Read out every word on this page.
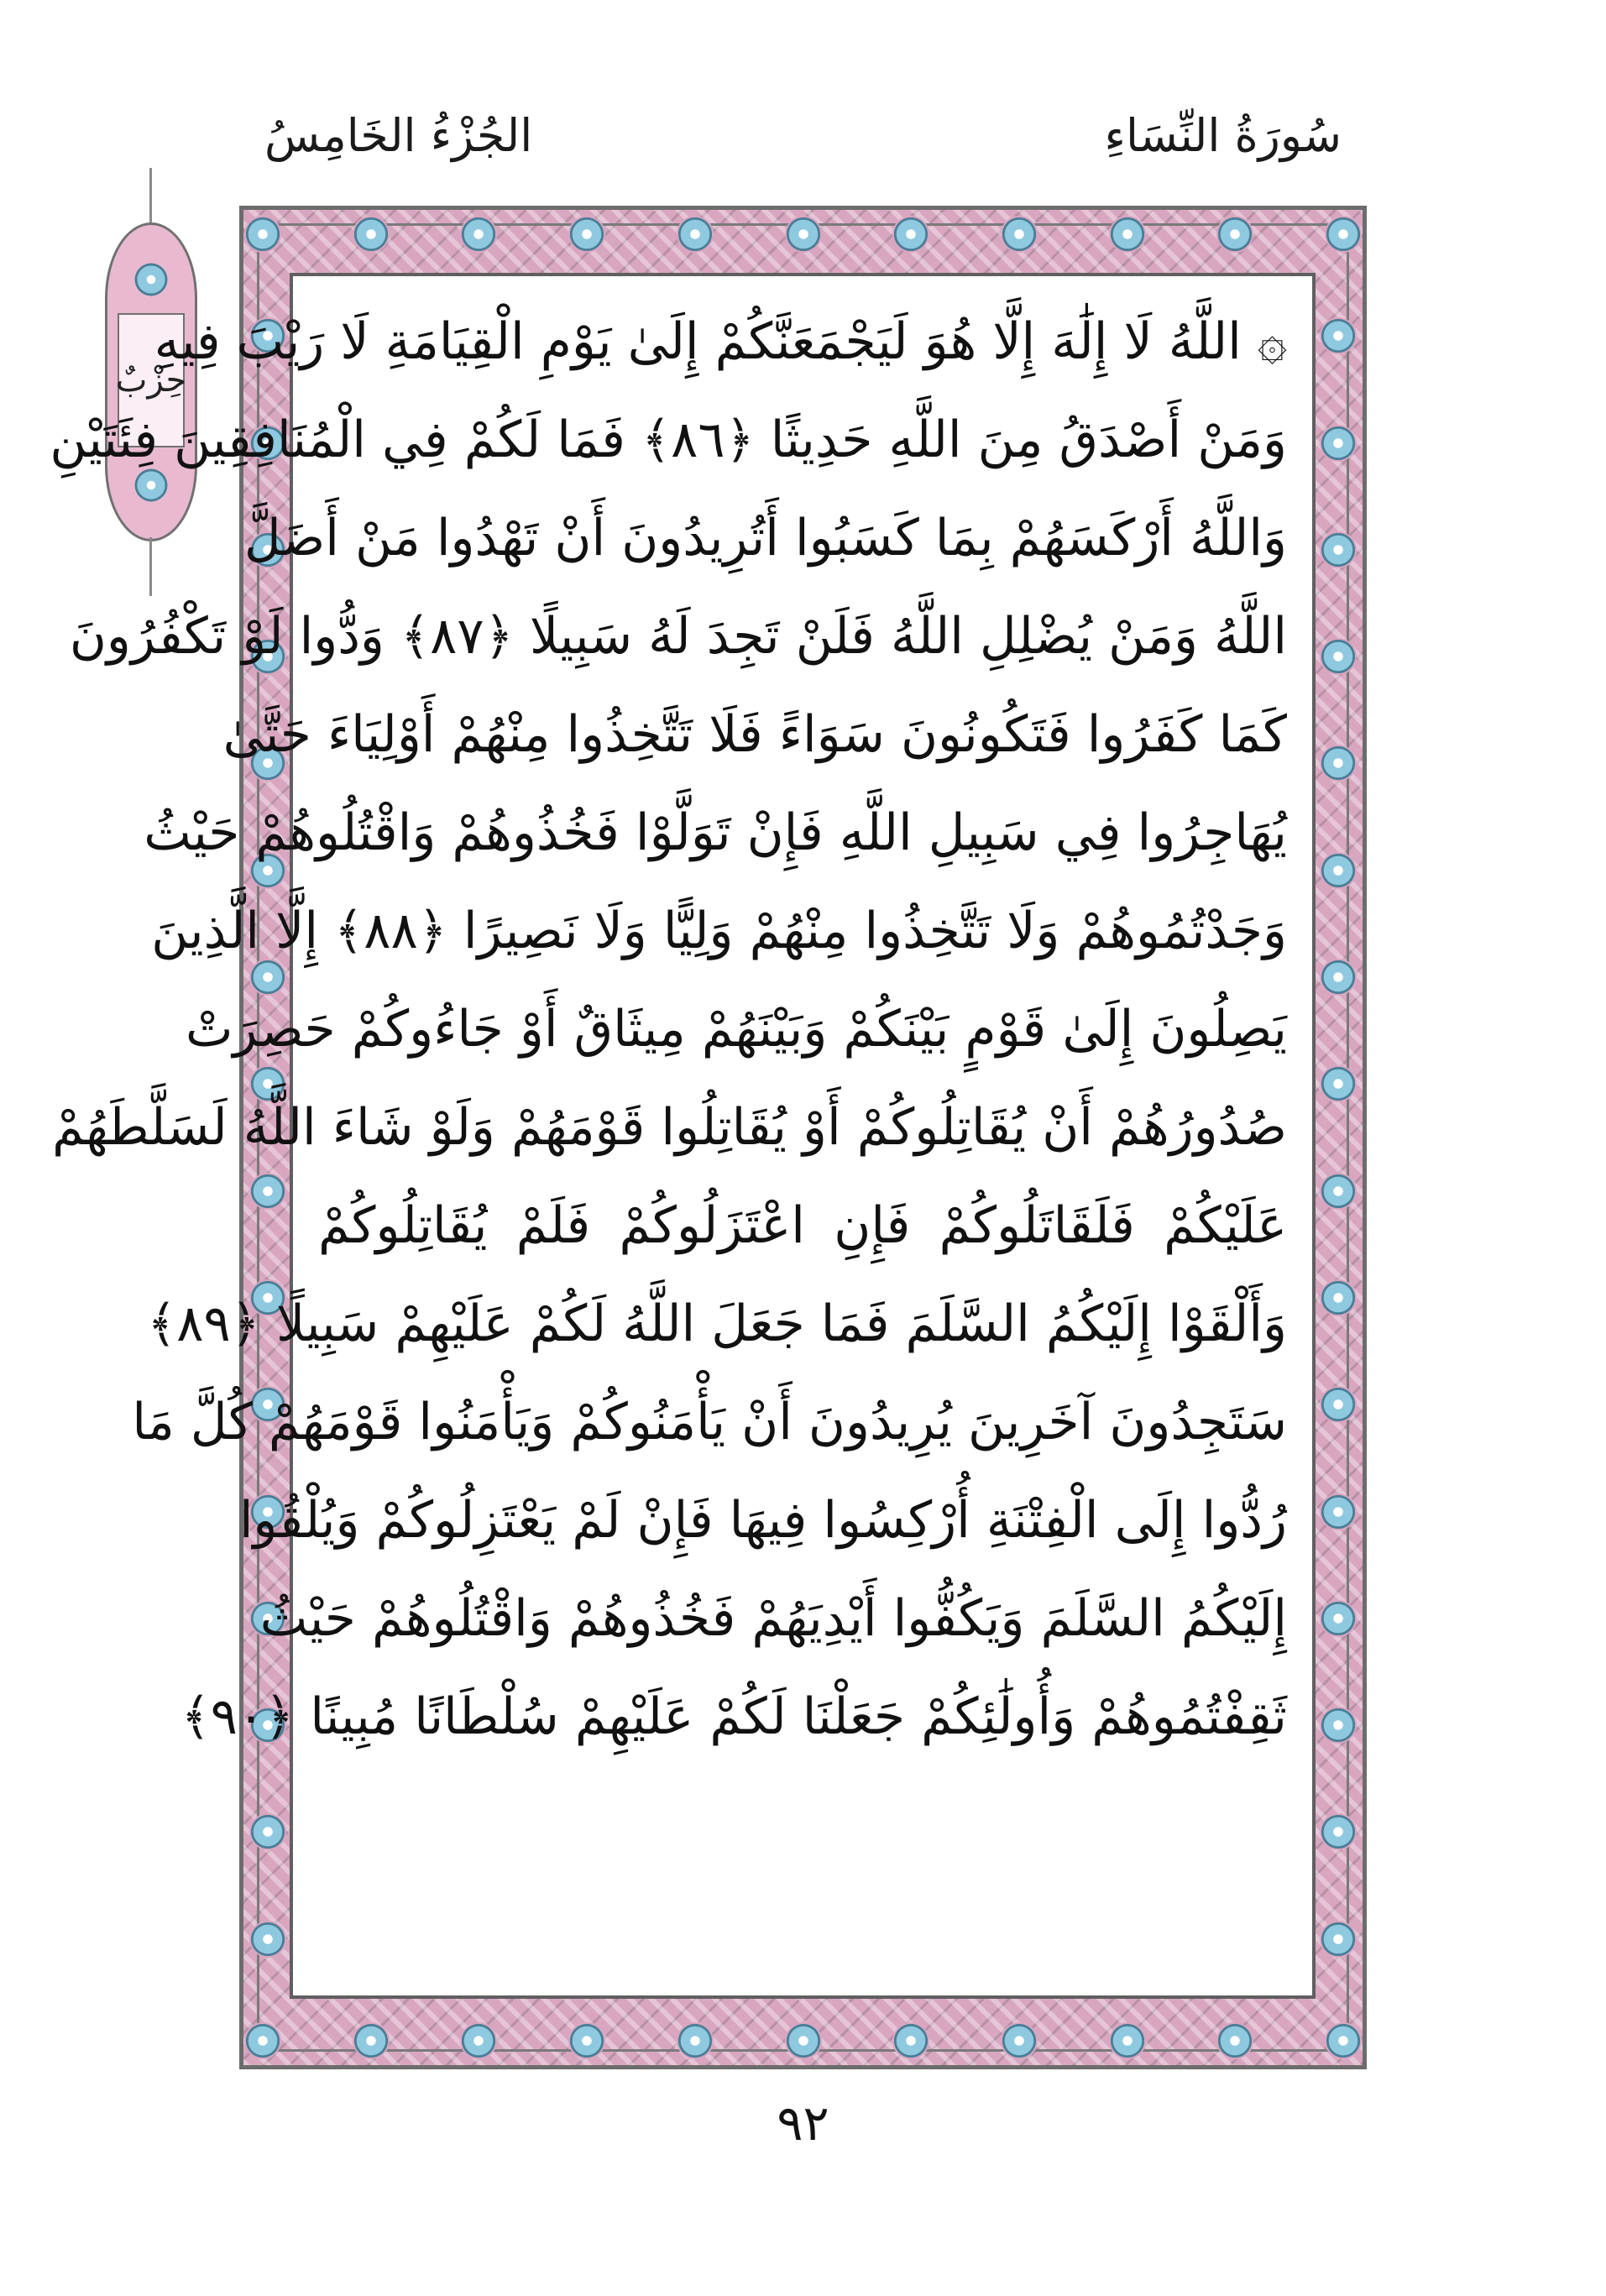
سُورَةُ النِّسَاءِ
الجُزْءُ الخَامِسُ
حِزْبٌ
۞ اللَّهُ لَا إِلَٰهَ إِلَّا هُوَ لَيَجْمَعَنَّكُمْ إِلَىٰ يَوْمِ الْقِيَامَةِ لَا رَيْبَ فِيهِ
وَمَنْ أَصْدَقُ مِنَ اللَّهِ حَدِيثًا ﴿٨٦﴾ فَمَا لَكُمْ فِي الْمُنَافِقِينَ فِئَتَيْنِ
وَاللَّهُ أَرْكَسَهُمْ بِمَا كَسَبُوا أَتُرِيدُونَ أَنْ تَهْدُوا مَنْ أَضَلَّ
اللَّهُ وَمَنْ يُضْلِلِ اللَّهُ فَلَنْ تَجِدَ لَهُ سَبِيلًا ﴿٨٧﴾ وَدُّوا لَوْ تَكْفُرُونَ
كَمَا كَفَرُوا فَتَكُونُونَ سَوَاءً فَلَا تَتَّخِذُوا مِنْهُمْ أَوْلِيَاءَ حَتَّىٰ
يُهَاجِرُوا فِي سَبِيلِ اللَّهِ فَإِنْ تَوَلَّوْا فَخُذُوهُمْ وَاقْتُلُوهُمْ حَيْثُ
وَجَدْتُمُوهُمْ وَلَا تَتَّخِذُوا مِنْهُمْ وَلِيًّا وَلَا نَصِيرًا ﴿٨٨﴾ إِلَّا الَّذِينَ
يَصِلُونَ إِلَىٰ قَوْمٍ بَيْنَكُمْ وَبَيْنَهُمْ مِيثَاقٌ أَوْ جَاءُوكُمْ حَصِرَتْ
صُدُورُهُمْ أَنْ يُقَاتِلُوكُمْ أَوْ يُقَاتِلُوا قَوْمَهُمْ وَلَوْ شَاءَ اللَّهُ لَسَلَّطَهُمْ
عَلَيْكُمْ فَلَقَاتَلُوكُمْ فَإِنِ اعْتَزَلُوكُمْ فَلَمْ يُقَاتِلُوكُمْ
وَأَلْقَوْا إِلَيْكُمُ السَّلَمَ فَمَا جَعَلَ اللَّهُ لَكُمْ عَلَيْهِمْ سَبِيلًا ﴿٨٩﴾
سَتَجِدُونَ آخَرِينَ يُرِيدُونَ أَنْ يَأْمَنُوكُمْ وَيَأْمَنُوا قَوْمَهُمْ كُلَّ مَا
رُدُّوا إِلَى الْفِتْنَةِ أُرْكِسُوا فِيهَا فَإِنْ لَمْ يَعْتَزِلُوكُمْ وَيُلْقُوا
إِلَيْكُمُ السَّلَمَ وَيَكُفُّوا أَيْدِيَهُمْ فَخُذُوهُمْ وَاقْتُلُوهُمْ حَيْثُ
ثَقِفْتُمُوهُمْ وَأُولَٰئِكُمْ جَعَلْنَا لَكُمْ عَلَيْهِمْ سُلْطَانًا مُبِينًا ﴿٩٠﴾
٩٢
